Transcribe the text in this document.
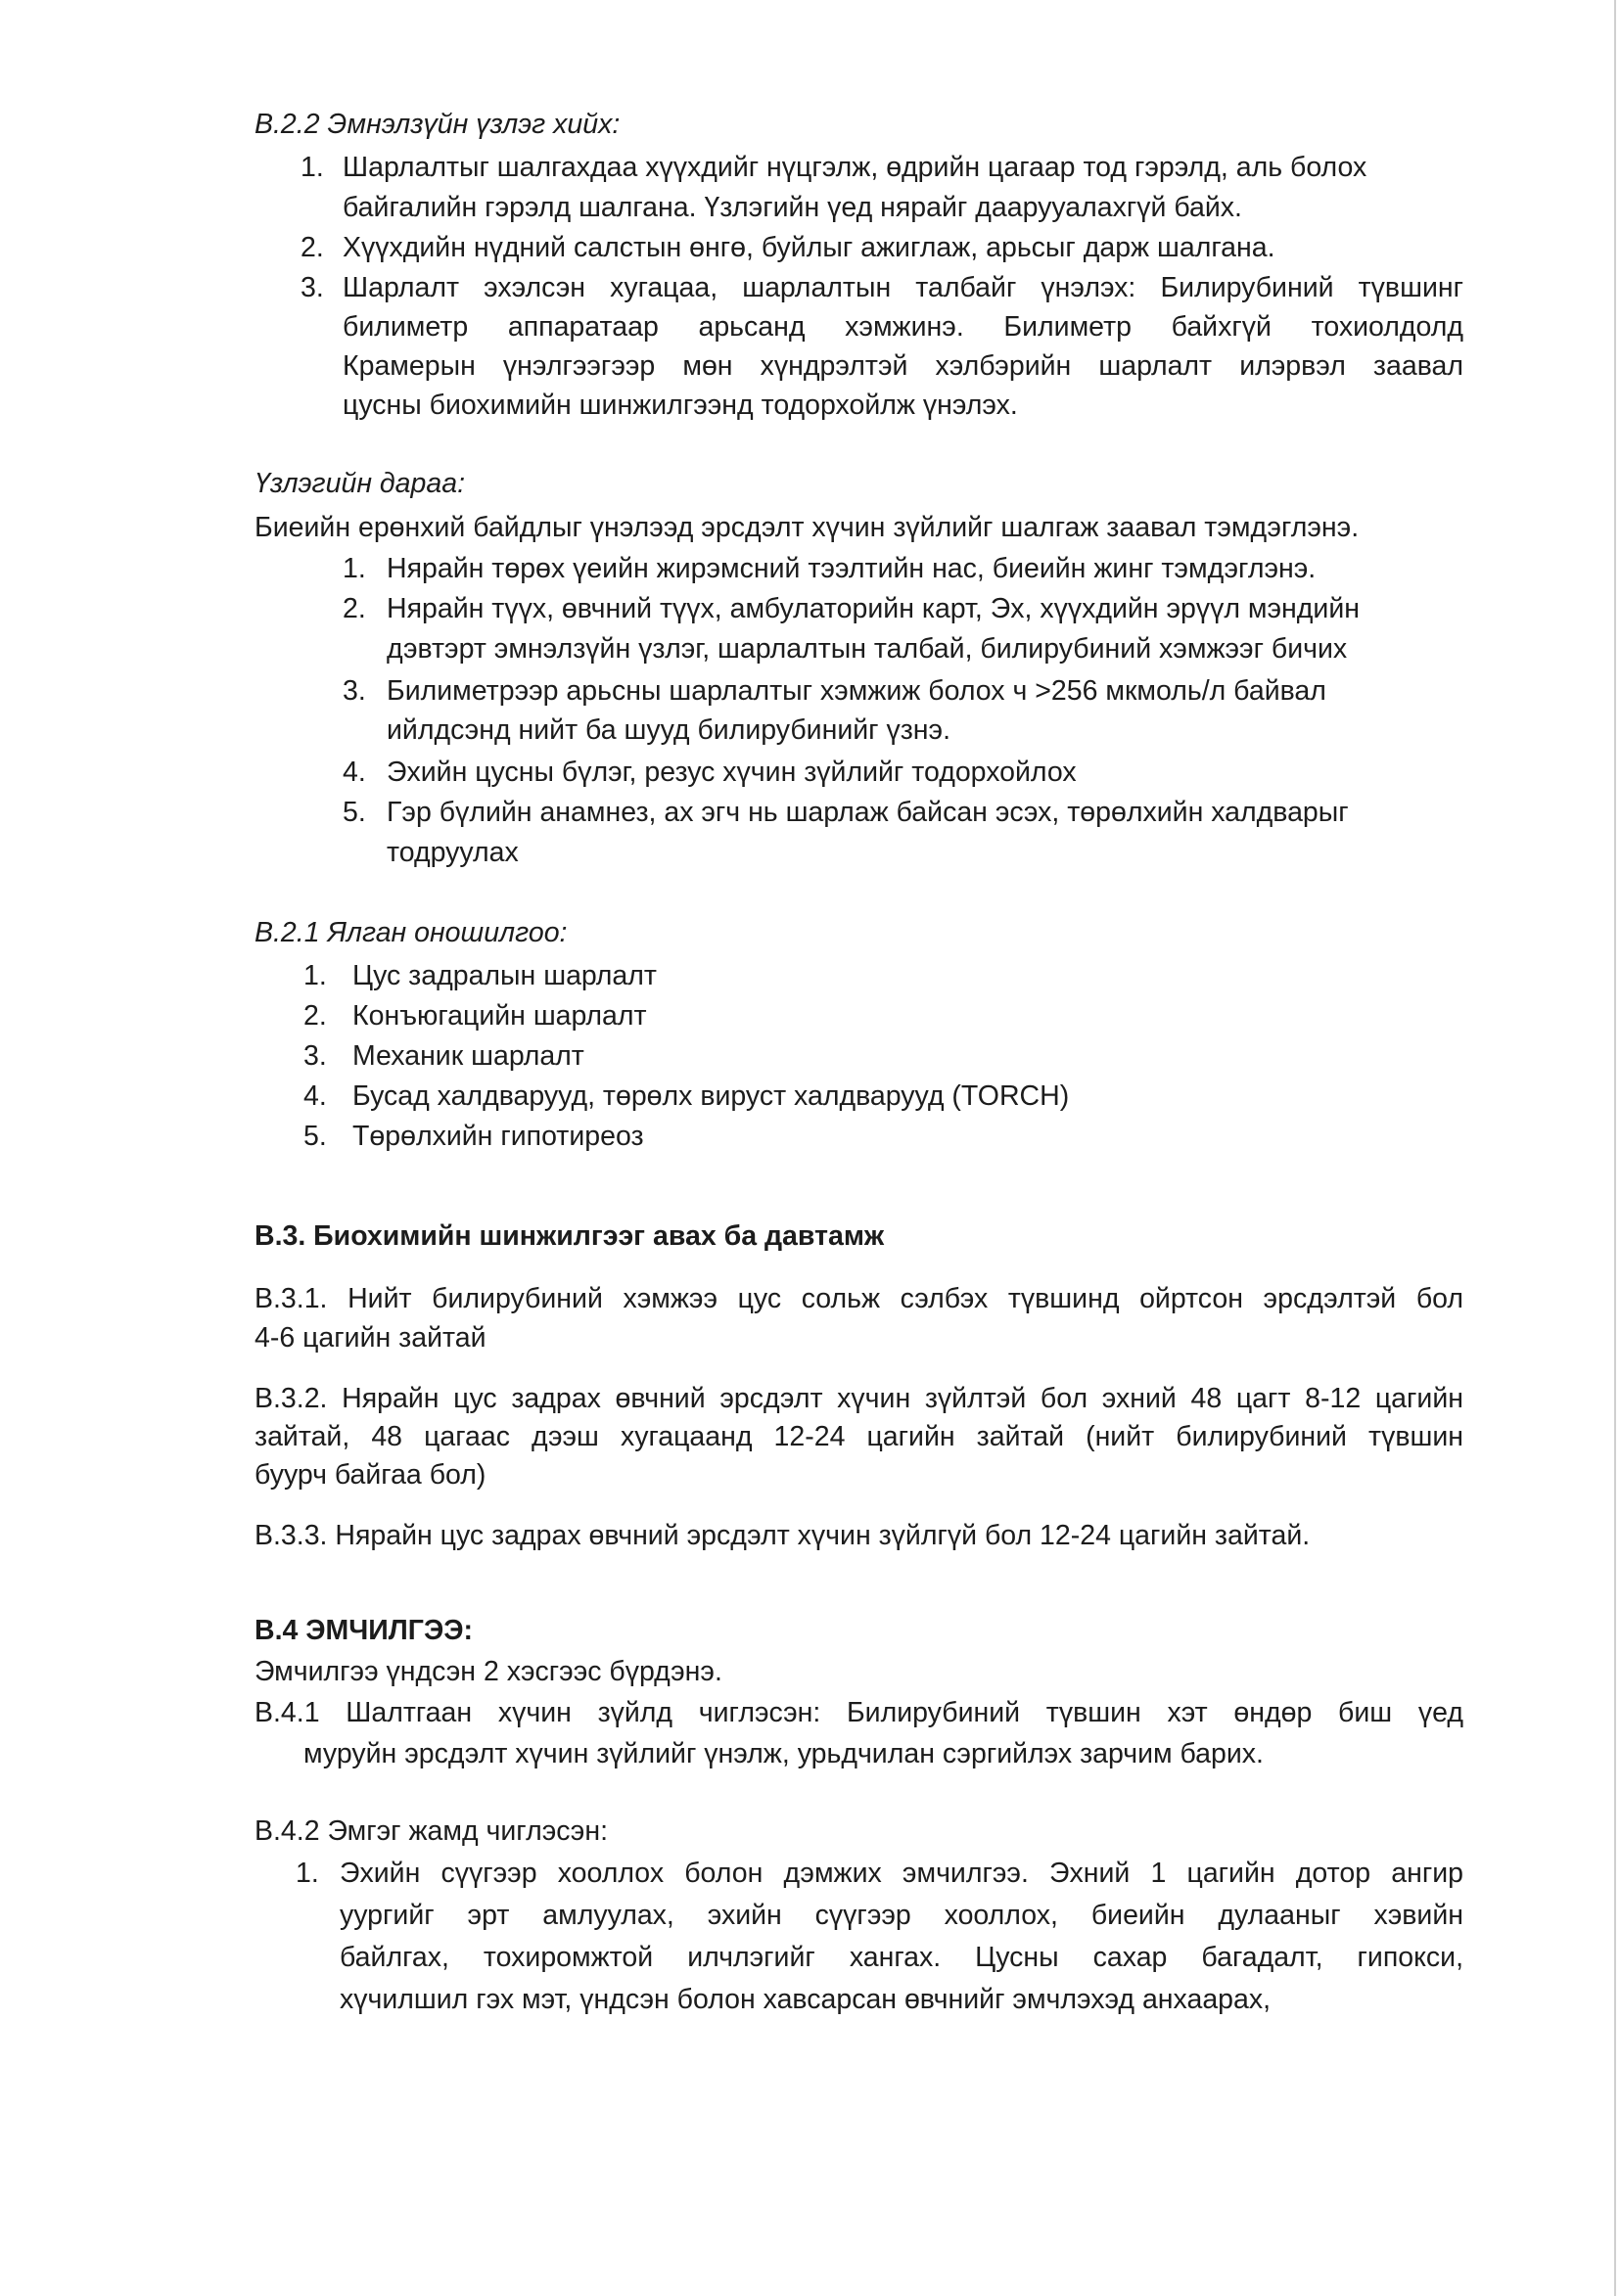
В.2.2 Эмнэлзүйн үзлэг хийх:
1. Шарлалтыг шалгахдаа хүүхдийг нүцгэлж, өдрийн цагаар тод гэрэлд, аль болох
байгалийн гэрэлд шалгана. Үзлэгийн үед нярайг даарууалахгүй байх.
2. Хүүхдийн нүдний салстын өнгө, буйлыг ажиглаж, арьсыг дарж шалгана.
3. Шарлалт эхэлсэн хугацаа, шарлалтын талбайг үнэлэх: Билирубиний түвшинг
билиметр аппаратаар арьсанд хэмжинэ. Билиметр байхгүй тохиолдолд
Крамерын үнэлгээгээр мөн хүндрэлтэй хэлбэрийн шарлалт илэрвэл заавал
цусны биохимийн шинжилгээнд тодорхойлж үнэлэх.
Үзлэгийн дараа:
Биеийн ерөнхий байдлыг үнэлээд эрсдэлт хүчин зүйлийг шалгаж заавал тэмдэглэнэ.
1. Нярайн төрөх үеийн жирэмсний тээлтийн нас, биеийн жинг тэмдэглэнэ.
2. Нярайн түүх, өвчний түүх, амбулаторийн карт, Эх, хүүхдийн эрүүл мэндийн
дэвтэрт эмнэлзүйн үзлэг, шарлалтын талбай, билирубиний хэмжээг бичих
3. Билиметрээр арьсны шарлалтыг хэмжиж болох ч >256 мкмоль/л байвал
ийлдсэнд нийт ба шууд билирубинийг үзнэ.
4. Эхийн цусны бүлэг, резус хүчин зүйлийг тодорхойлох
5. Гэр бүлийн анамнез, ах эгч нь шарлаж байсан эсэх, төрөлхийн халдварыг
тодруулах
В.2.1 Ялган оношилгоо:
1. Цус задралын шарлалт
2. Конъюгацийн шарлалт
3. Механик шарлалт
4. Бусад халдварууд, төрөлх вируст халдварууд (TORCH)
5. Төрөлхийн гипотиреоз
В.3. Биохимийн шинжилгээг авах ба давтамж
В.3.1. Нийт билирубиний хэмжээ цус сольж сэлбэх түвшинд ойртсон эрсдэлтэй бол
4-6 цагийн зайтай
В.3.2. Нярайн цус задрах өвчний эрсдэлт хүчин зүйлтэй бол эхний 48 цагт 8-12 цагийн
зайтай, 48 цагаас дээш хугацаанд 12-24 цагийн зайтай (нийт билирубиний түвшин
буурч байгаа бол)
В.3.3. Нярайн цус задрах өвчний эрсдэлт хүчин зүйлгүй бол 12-24 цагийн зайтай.
В.4 ЭМЧИЛГЭЭ:
Эмчилгээ үндсэн 2 хэсгээс бүрдэнэ.
В.4.1 Шалтгаан хүчин зүйлд чиглэсэн: Билирубиний түвшин хэт өндөр биш үед
муруйн эрсдэлт хүчин зүйлийг үнэлж, урьдчилан сэргийлэх зарчим барих.
В.4.2 Эмгэг жамд чиглэсэн:
1. Эхийн сүүгээр хооллох болон дэмжих эмчилгээ. Эхний 1 цагийн дотор ангир
уургийг эрт амлуулах, эхийн сүүгээр хооллох, биеийн дулааныг хэвийн
байлгах, тохиромжтой илчлэгийг хангах. Цусны сахар багадалт, гипокси,
хүчилшил гэх мэт, үндсэн болон хавсарсан өвчнийг эмчлэхэд анхаарах,
